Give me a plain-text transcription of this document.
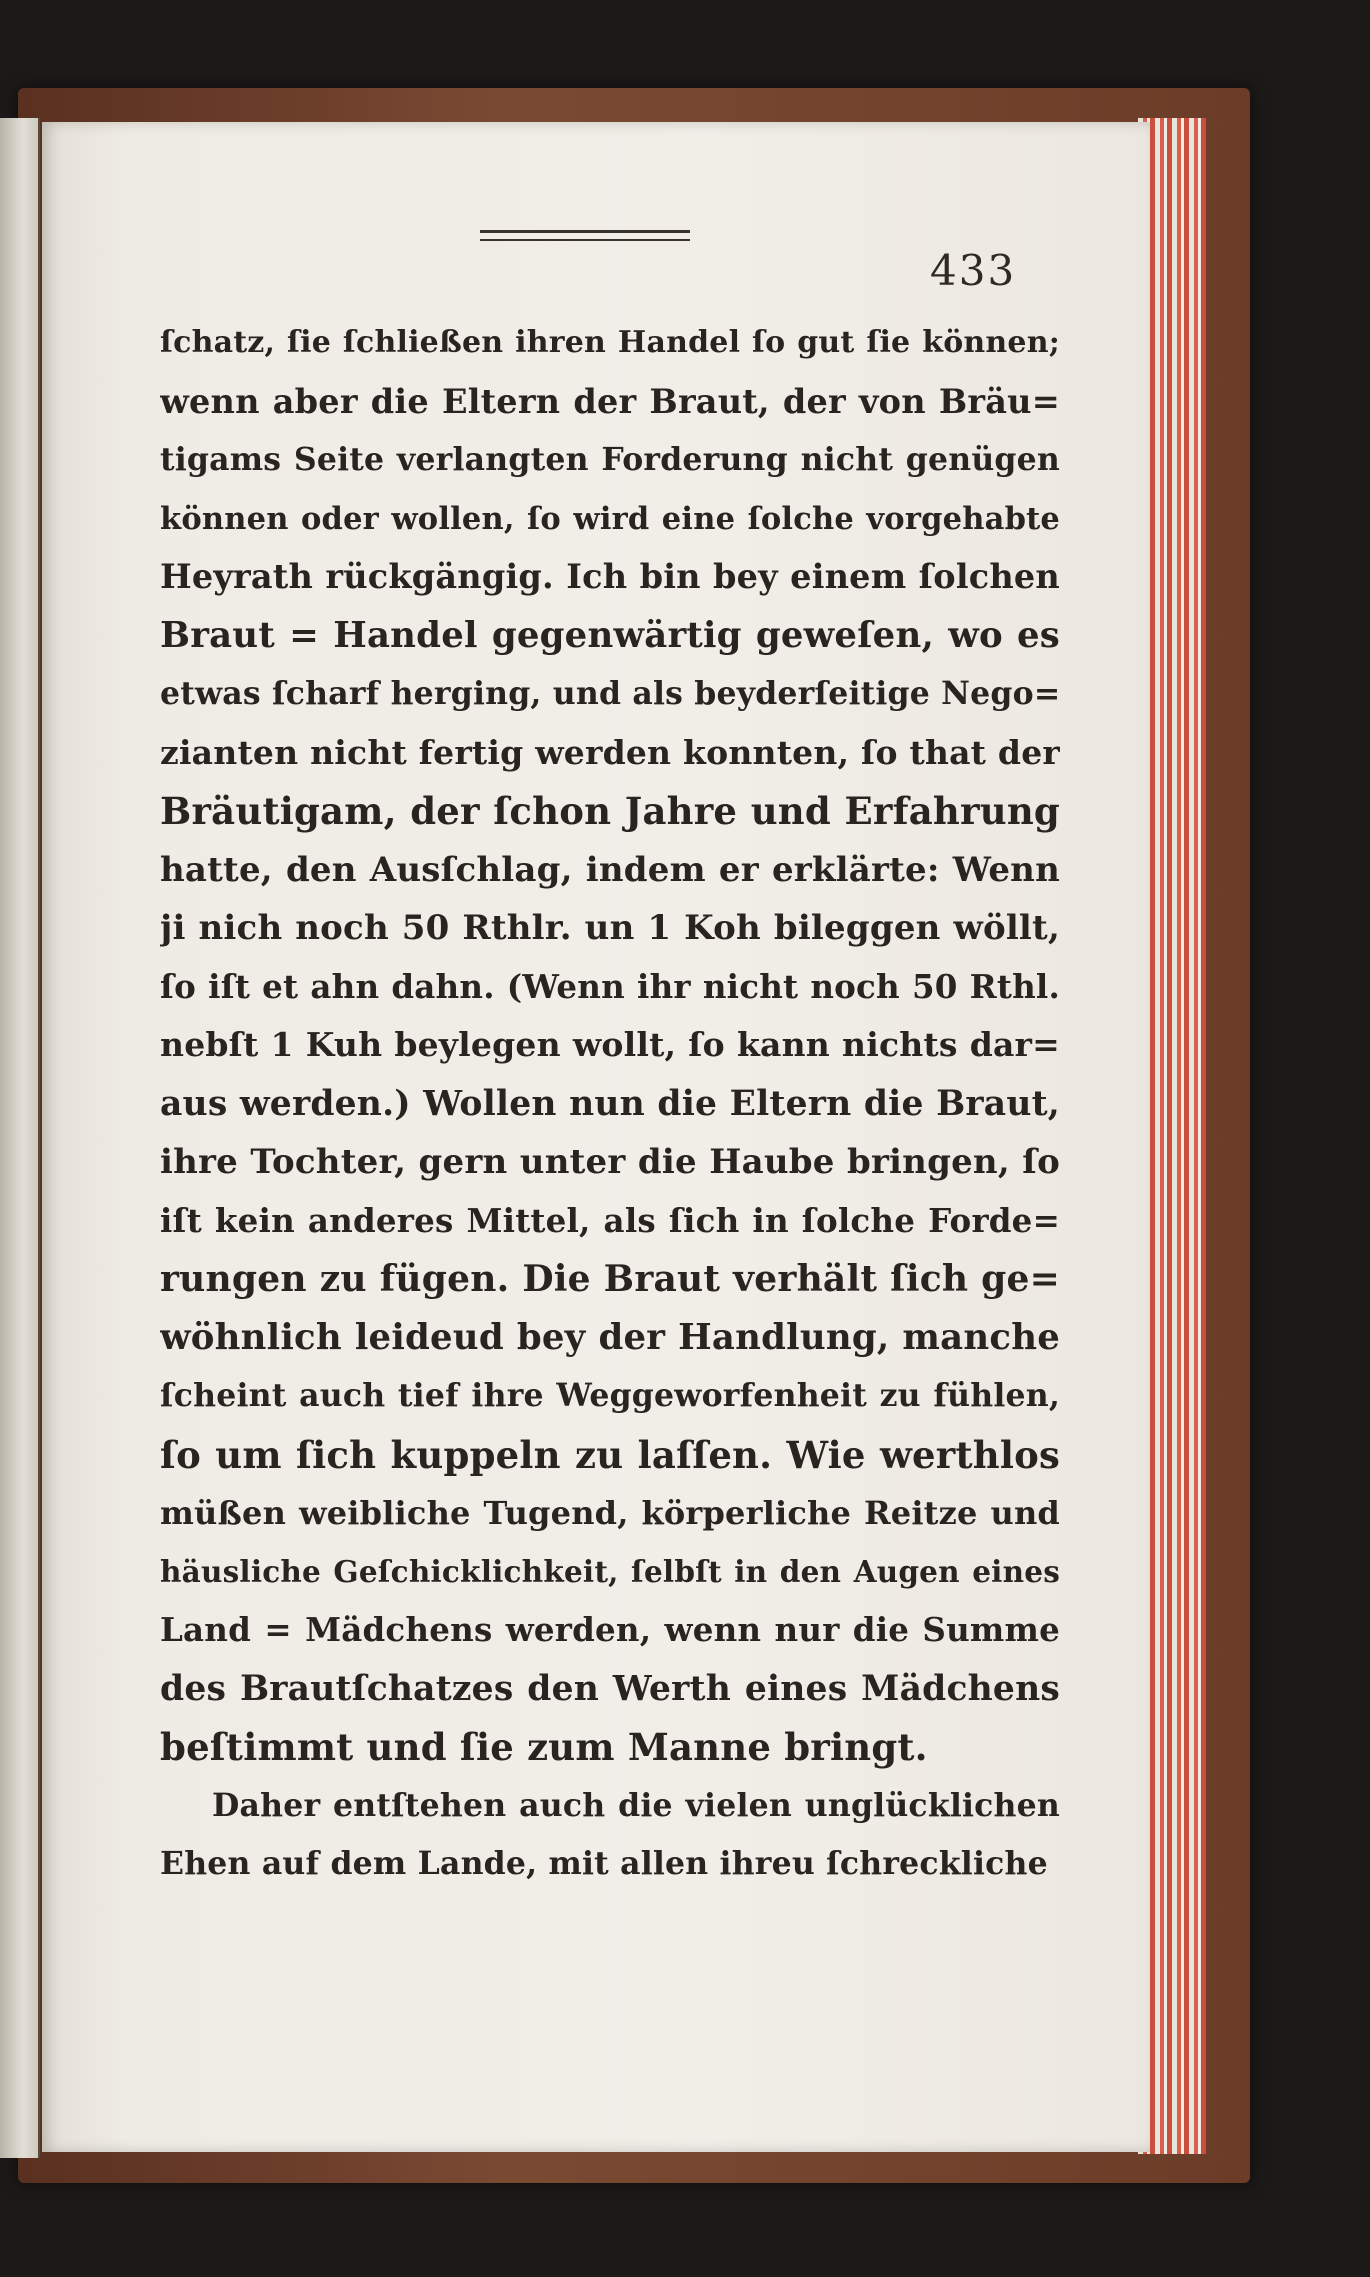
433
ſchatz, ſie ſchließen ihren Handel ſo gut ſie können;
wenn aber die Eltern der Braut, der von Bräu=
tigams Seite verlangten Forderung nicht genügen
können oder wollen, ſo wird eine ſolche vorgehabte
Heyrath rückgängig. Ich bin bey einem ſolchen
Braut = Handel gegenwärtig geweſen, wo es
etwas ſcharf herging, und als beyderſeitige Nego=
zianten nicht fertig werden konnten, ſo that der
Bräutigam, der ſchon Jahre und Erfahrung
hatte, den Ausſchlag, indem er erklärte: Wenn
ji nich noch 50 Rthlr. un 1 Koh bileggen wöllt,
ſo iſt et ahn dahn. (Wenn ihr nicht noch 50 Rthl.
nebſt 1 Kuh beylegen wollt, ſo kann nichts dar=
aus werden.) Wollen nun die Eltern die Braut,
ihre Tochter, gern unter die Haube bringen, ſo
iſt kein anderes Mittel, als ſich in ſolche Forde=
rungen zu fügen. Die Braut verhält ſich ge=
wöhnlich leideud bey der Handlung, manche
ſcheint auch tief ihre Weggeworfenheit zu fühlen,
ſo um ſich kuppeln zu laſſen. Wie werthlos
müßen weibliche Tugend, körperliche Reitze und
häusliche Geſchicklichkeit, ſelbſt in den Augen eines
Land = Mädchens werden, wenn nur die Summe
des Brautſchatzes den Werth eines Mädchens
beſtimmt und ſie zum Manne bringt.
Daher entſtehen auch die vielen unglücklichen
Ehen auf dem Lande, mit allen ihreu ſchreckliche
